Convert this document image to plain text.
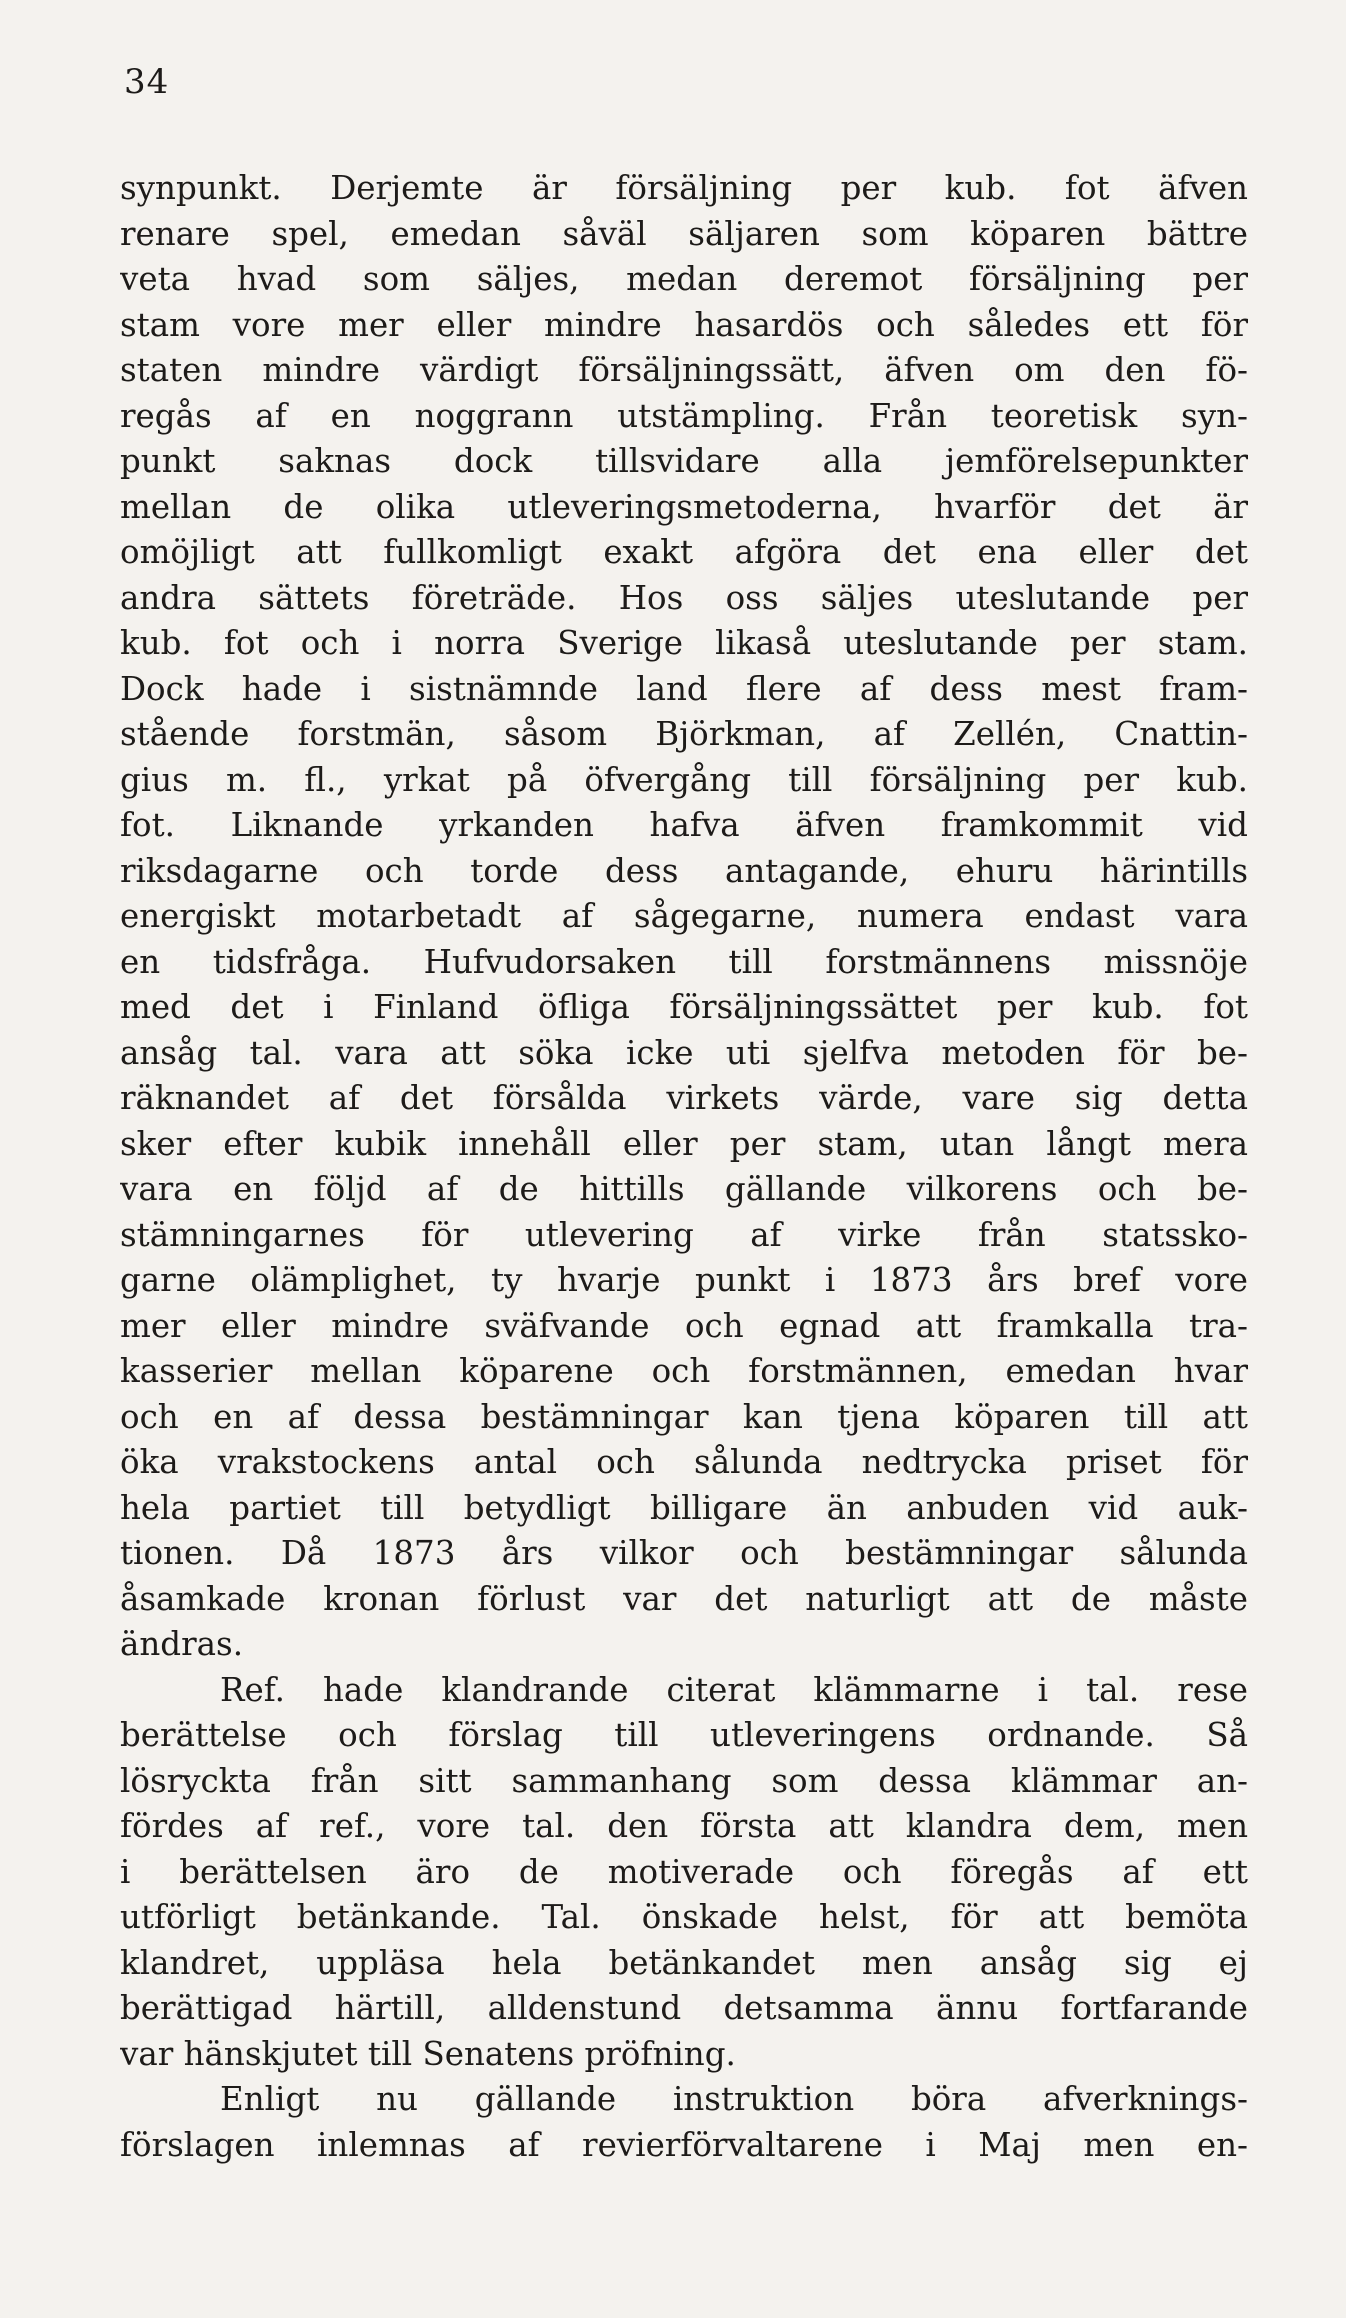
34
synpunkt. Derjemte är försäljning per kub. fot äfven
renare spel, emedan såväl säljaren som köparen bättre
veta hvad som säljes, medan deremot försäljning per
stam vore mer eller mindre hasardös och således ett för
staten mindre värdigt försäljningssätt, äfven om den fö-
regås af en noggrann utstämpling. Från teoretisk syn-
punkt saknas dock tillsvidare alla jemförelsepunkter
mellan de olika utleveringsmetoderna, hvarför det är
omöjligt att fullkomligt exakt afgöra det ena eller det
andra sättets företräde. Hos oss säljes uteslutande per
kub. fot och i norra Sverige likaså uteslutande per stam.
Dock hade i sistnämnde land flere af dess mest fram-
stående forstmän, såsom Björkman, af Zellén, Cnattin-
gius m. fl., yrkat på öfvergång till försäljning per kub.
fot. Liknande yrkanden hafva äfven framkommit vid
riksdagarne och torde dess antagande, ehuru härintills
energiskt motarbetadt af sågegarne, numera endast vara
en tidsfråga. Hufvudorsaken till forstmännens missnöje
med det i Finland öfliga försäljningssättet per kub. fot
ansåg tal. vara att söka icke uti sjelfva metoden för be-
räknandet af det försålda virkets värde, vare sig detta
sker efter kubik innehåll eller per stam, utan långt mera
vara en följd af de hittills gällande vilkorens och be-
stämningarnes för utlevering af virke från statssko-
garne olämplighet, ty hvarje punkt i 1873 års bref vore
mer eller mindre sväfvande och egnad att framkalla tra-
kasserier mellan köparene och forstmännen, emedan hvar
och en af dessa bestämningar kan tjena köparen till att
öka vrakstockens antal och sålunda nedtrycka priset för
hela partiet till betydligt billigare än anbuden vid auk-
tionen. Då 1873 års vilkor och bestämningar sålunda
åsamkade kronan förlust var det naturligt att de måste
ändras.
Ref. hade klandrande citerat klämmarne i tal. rese
berättelse och förslag till utleveringens ordnande. Så
lösryckta från sitt sammanhang som dessa klämmar an-
fördes af ref., vore tal. den första att klandra dem, men
i berättelsen äro de motiverade och föregås af ett
utförligt betänkande. Tal. önskade helst, för att bemöta
klandret, uppläsa hela betänkandet men ansåg sig ej
berättigad härtill, alldenstund detsamma ännu fortfarande
var hänskjutet till Senatens pröfning.
Enligt nu gällande instruktion böra afverknings-
förslagen inlemnas af revierförvaltarene i Maj men en-
